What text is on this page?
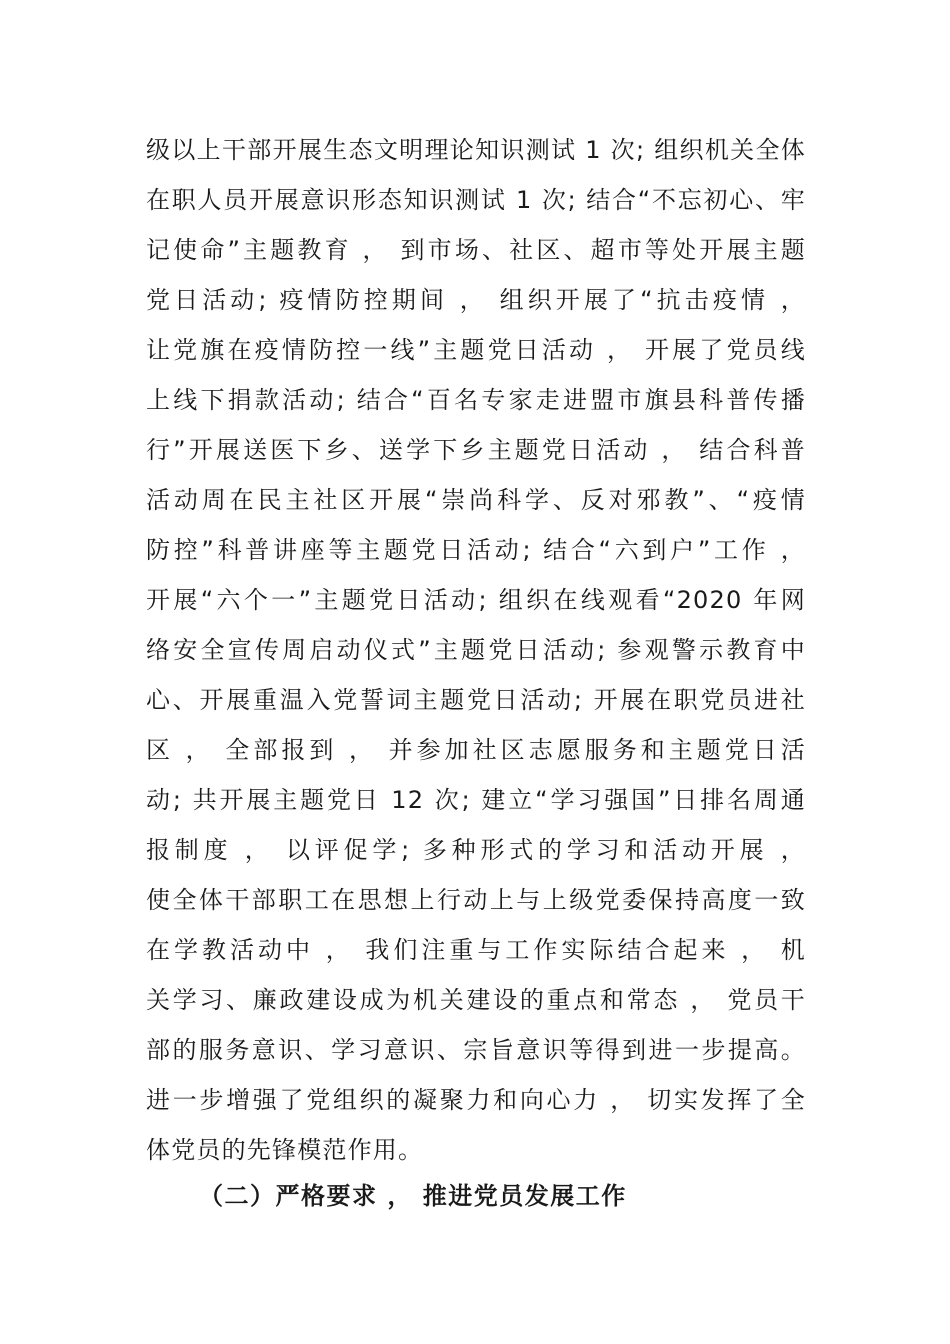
级以上干部开展生态文明理论知识测试 1 次; 组织机关全体
在职人员开展意识形态知识测试 1 次; 结合“不忘初心、牢
记使命”主题教育 ， 到市场、社区、超市等处开展主题
党日活动; 疫情防控期间 ， 组织开展了“抗击疫情 ，
让党旗在疫情防控一线”主题党日活动 ， 开展了党员线
上线下捐款活动; 结合“百名专家走进盟市旗县科普传播
行”开展送医下乡、送学下乡主题党日活动 ， 结合科普
活动周在民主社区开展“崇尚科学、反对邪教”、“疫情
防控”科普讲座等主题党日活动; 结合“六到户”工作 ，
开展“六个一”主题党日活动; 组织在线观看“2020 年网
络安全宣传周启动仪式”主题党日活动; 参观警示教育中
心、开展重温入党誓词主题党日活动; 开展在职党员进社
区 ， 全部报到 ， 并参加社区志愿服务和主题党日活
动; 共开展主题党日 12 次; 建立“学习强国”日排名周通
报制度 ， 以评促学; 多种形式的学习和活动开展 ，
使全体干部职工在思想上行动上与上级党委保持高度一致
在学教活动中 ， 我们注重与工作实际结合起来 ， 机
关学习、廉政建设成为机关建设的重点和常态 ， 党员干
部的服务意识、学习意识、宗旨意识等得到进一步提高。
进一步增强了党组织的凝聚力和向心力 ， 切实发挥了全
体党员的先锋模范作用。
（二）严格要求 ， 推进党员发展工作
